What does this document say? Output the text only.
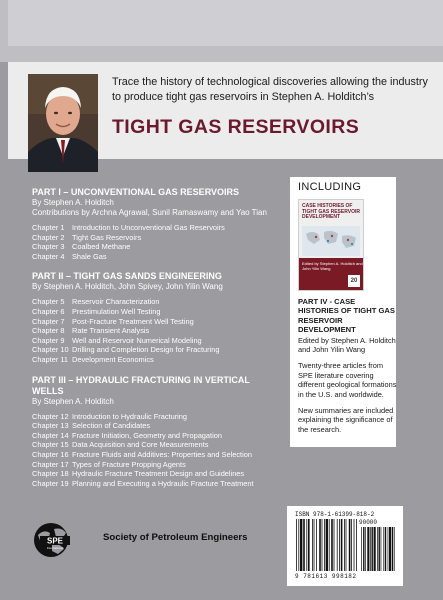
Trace the history of technological discoveries allowing the industry to produce tight gas reservoirs in Stephen A. Holditch’s
TIGHT GAS RESERVOIRS
PART I – UNCONVENTIONAL GAS RESERVOIRS
By Stephen A. Holditch
Contributions by Archna Agrawal, Sunil Ramaswamy and Yao Tian
Chapter 1	Introduction to Unconventional Gas Reservoirs
Chapter 2	Tight Gas Reservoirs
Chapter 3	Coalbed Methane
Chapter 4	Shale Gas
PART II – TIGHT GAS SANDS ENGINEERING
By Stephen A. Holditch, John Spivey, John Yilin Wang
Chapter 5	Reservoir Characterization
Chapter 6	Prestimulation Well Testing
Chapter 7	Post-Fracture Treatment Well Testing
Chapter 8	Rate Transient Analysis
Chapter 9	Well and Reservoir Numerical Modeling
Chapter 10 Drilling and Completion Design for Fracturing
Chapter 11 Development Economics
PART III – HYDRAULIC FRACTURING IN VERTICAL WELLS
By Stephen A. Holditch
Chapter 12 Introduction to Hydraulic Fracturing
Chapter 13 Selection of Candidates
Chapter 14 Fracture Initiation, Geometry and Propagation
Chapter 15 Data Acquisition and Core Measurements
Chapter 16 Fracture Fluids and Additives: Properties and Selection
Chapter 17 Types of Fracture Propping Agents
Chapter 18 Hydraulic Fracture Treatment Design and Guidelines
Chapter 19 Planning and Executing a Hydraulic Fracture Treatment
INCLUDING
CASE HISTORIES OF TIGHT GAS RESERVOIR DEVELOPMENT
Edited by Stephen A. Holditch and John Yilin Wang
20
PART IV - CASE HISTORIES OF TIGHT GAS RESERVOIR DEVELOPMENT
Edited by Stephen A. Holditch and John Yilin Wang
Twenty-three articles from SPE literature covering different geological formations in the U.S. and worldwide.
New summaries are included explaining the significance of the research.
ISBN 978-1-61399-818-2
90000
9 781613 998182
SPE
International
Society of Petroleum Engineers
